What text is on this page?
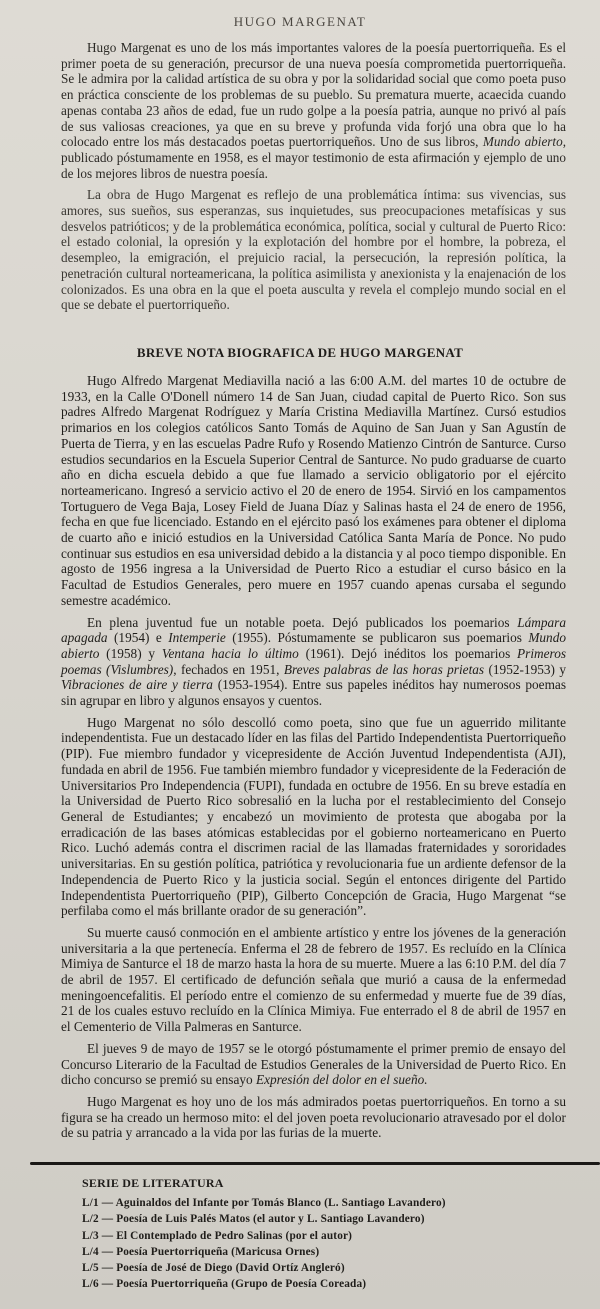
HUGO MARGENAT

Hugo Margenat es uno de los más importantes valores de la poesía puertorriqueña. Es el primer poeta de su generación, precursor de una nueva poesía comprometida puertorriqueña. Se le admira por la calidad artística de su obra y por la solidaridad social que como poeta puso en práctica consciente de los problemas de su pueblo. Su prematura muerte, acaecida cuando apenas contaba 23 años de edad, fue un rudo golpe a la poesía patria, aunque no privó al país de sus valiosas creaciones, ya que en su breve y profunda vida forjó una obra que lo ha colocado entre los más destacados poetas puertorriqueños. Uno de sus libros, Mundo abierto, publicado póstumamente en 1958, es el mayor testimonio de esta afirmación y ejemplo de uno de los mejores libros de nuestra poesía.

La obra de Hugo Margenat es reflejo de una problemática íntima: sus vivencias, sus amores, sus sueños, sus esperanzas, sus inquietudes, sus preocupaciones metafísicas y sus desvelos patrióticos; y de la problemática económica, política, social y cultural de Puerto Rico: el estado colonial, la opresión y la explotación del hombre por el hombre, la pobreza, el desempleo, la emigración, el prejuicio racial, la persecución, la represión política, la penetración cultural norteamericana, la política asimilista y anexionista y la enajenación de los colonizados. Es una obra en la que el poeta ausculta y revela el complejo mundo social en el que se debate el puertorriqueño.

BREVE NOTA BIOGRAFICA DE HUGO MARGENAT

Hugo Alfredo Margenat Mediavilla nació a las 6:00 A.M. del martes 10 de octubre de 1933, en la Calle O'Donell número 14 de San Juan, ciudad capital de Puerto Rico. Son sus padres Alfredo Margenat Rodríguez y María Cristina Mediavilla Martínez. Cursó estudios primarios en los colegios católicos Santo Tomás de Aquino de San Juan y San Agustín de Puerta de Tierra, y en las escuelas Padre Rufo y Rosendo Matienzo Cintrón de Santurce. Curso estudios secundarios en la Escuela Superior Central de Santurce. No pudo graduarse de cuarto año en dicha escuela debido a que fue llamado a servicio obligatorio por el ejército norteamericano. Ingresó a servicio activo el 20 de enero de 1954. Sirvió en los campamentos Tortuguero de Vega Baja, Losey Field de Juana Díaz y Salinas hasta el 24 de enero de 1956, fecha en que fue licenciado. Estando en el ejército pasó los exámenes para obtener el diploma de cuarto año e inició estudios en la Universidad Católica Santa María de Ponce. No pudo continuar sus estudios en esa universidad debido a la distancia y al poco tiempo disponible. En agosto de 1956 ingresa a la Universidad de Puerto Rico a estudiar el curso básico en la Facultad de Estudios Generales, pero muere en 1957 cuando apenas cursaba el segundo semestre académico.

En plena juventud fue un notable poeta. Dejó publicados los poemarios Lámpara apagada (1954) e Intemperie (1955). Póstumamente se publicaron sus poemarios Mundo abierto (1958) y Ventana hacia lo último (1961). Dejó inéditos los poemarios Primeros poemas (Vislumbres), fechados en 1951, Breves palabras de las horas prietas (1952-1953) y Vibraciones de aire y tierra (1953-1954). Entre sus papeles inéditos hay numerosos poemas sin agrupar en libro y algunos ensayos y cuentos.

Hugo Margenat no sólo descolló como poeta, sino que fue un aguerrido militante independentista. Fue un destacado líder en las filas del Partido Independentista Puertorriqueño (PIP). Fue miembro fundador y vicepresidente de Acción Juventud Independentista (AJI), fundada en abril de 1956. Fue también miembro fundador y vicepresidente de la Federación de Universitarios Pro Independencia (FUPI), fundada en octubre de 1956. En su breve estadía en la Universidad de Puerto Rico sobresalió en la lucha por el restablecimiento del Consejo General de Estudiantes; y encabezó un movimiento de protesta que abogaba por la erradicación de las bases atómicas establecidas por el gobierno norteamericano en Puerto Rico. Luchó además contra el discrimen racial de las llamadas fraternidades y sororidades universitarias. En su gestión política, patriótica y revolucionaria fue un ardiente defensor de la Independencia de Puerto Rico y la justicia social. Según el entonces dirigente del Partido Independentista Puertorriqueño (PIP), Gilberto Concepción de Gracia, Hugo Margenat “se perfilaba como el más brillante orador de su generación”.

Su muerte causó conmoción en el ambiente artístico y entre los jóvenes de la generación universitaria a la que pertenecía. Enferma el 28 de febrero de 1957. Es recluído en la Clínica Mimiya de Santurce el 18 de marzo hasta la hora de su muerte. Muere a las 6:10 P.M. del día 7 de abril de 1957. El certificado de defunción señala que murió a causa de la enfermedad meningoencefalitis. El período entre el comienzo de su enfermedad y muerte fue de 39 días, 21 de los cuales estuvo recluído en la Clínica Mimiya. Fue enterrado el 8 de abril de 1957 en el Cementerio de Villa Palmeras en Santurce.

El jueves 9 de mayo de 1957 se le otorgó póstumamente el primer premio de ensayo del Concurso Literario de la Facultad de Estudios Generales de la Universidad de Puerto Rico. En dicho concurso se premió su ensayo Expresión del dolor en el sueño.

Hugo Margenat es hoy uno de los más admirados poetas puertorriqueños. En torno a su figura se ha creado un hermoso mito: el del joven poeta revolucionario atravesado por el dolor de su patria y arrancado a la vida por las furias de la muerte.

SERIE DE LITERATURA
L/1 — Aguinaldos del Infante por Tomás Blanco (L. Santiago Lavandero)
L/2 — Poesía de Luis Palés Matos (el autor y L. Santiago Lavandero)
L/3 — El Contemplado de Pedro Salinas (por el autor)
L/4 — Poesía Puertorriqueña (Maricusa Ornes)
L/5 — Poesía de José de Diego (David Ortíz Angleró)
L/6 — Poesía Puertorriqueña (Grupo de Poesía Coreada)
